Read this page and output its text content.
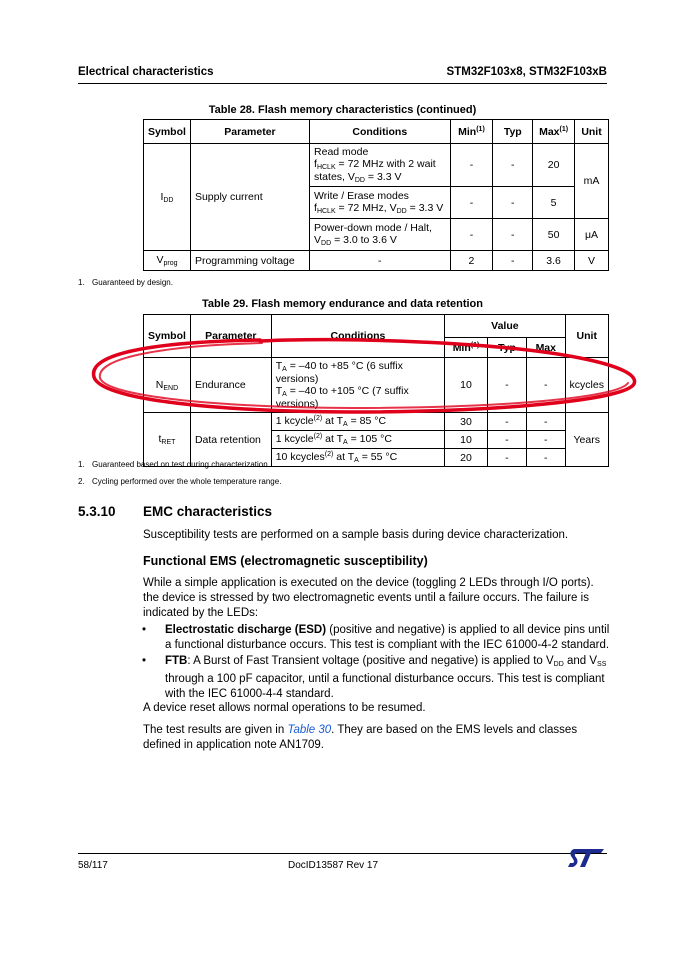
Electrical characteristics	STM32F103x8, STM32F103xB
Table 28. Flash memory characteristics (continued)
Symbol	Parameter	Conditions	Min$^{(1)}$	Typ	Max$^{(1)}$	Unit
$I_{DD}$	Supply current	Read mode
$f_{HCLK} = 72$ MHz with 2 wait
states, $V_{DD} = 3.3$ V	-	-	20	mA

		Write / Erase modes
$f_{HCLK} = 72$ MHz, $V_{DD} = 3.3$ V	-	-	5	

		Power-down mode / Halt,
$V_{DD} = 3.0$ to 3.6 V	-	-	50	μA
$V_{prog}$	Programming voltage	-	2	-	3.6	V
1. Guaranteed by design.
Table 29. Flash memory endurance and data retention
Symbol	Parameter	Conditions	Value			Unit
			Min$^{(1)}$	Typ	Max	
$N_{END}$	Endurance	$T_A = -40$ to +85 °C (6 suffix versions)
$T_A = -40$ to +105 °C (7 suffix versions)	10	-	-	kcycles
$t_{RET}$	Data retention	1 kcycle$^{(2)}$ at $T_A = 85$ °C	30	-	-	Years
		1 kcycle$^{(2)}$ at $T_A = 105$ °C	10	-	-	
		10 kcycles$^{(2)}$ at $T_A = 55$ °C	20	-	-	
1. Guaranteed based on test during characterization.
2. Cycling performed over the whole temperature range.
5.3.10 EMC characteristics
Susceptibility tests are performed on a sample basis during device characterization.
Functional EMS (electromagnetic susceptibility)
While a simple application is executed on the device (toggling 2 LEDs through I/O ports). the device is stressed by two electromagnetic events until a failure occurs. The failure is indicated by the LEDs:
• Electrostatic discharge (ESD) (positive and negative) is applied to all device pins until a functional disturbance occurs. This test is compliant with the IEC 61000-4-2 standard.
• FTB: A Burst of Fast Transient voltage (positive and negative) is applied to $V_{DD}$ and $V_{SS}$ through a 100 pF capacitor, until a functional disturbance occurs. This test is compliant with the IEC 61000-4-4 standard.
A device reset allows normal operations to be resumed.
The test results are given in Table 30. They are based on the EMS levels and classes defined in application note AN1709.
58/117	DocID13587 Rev 17
